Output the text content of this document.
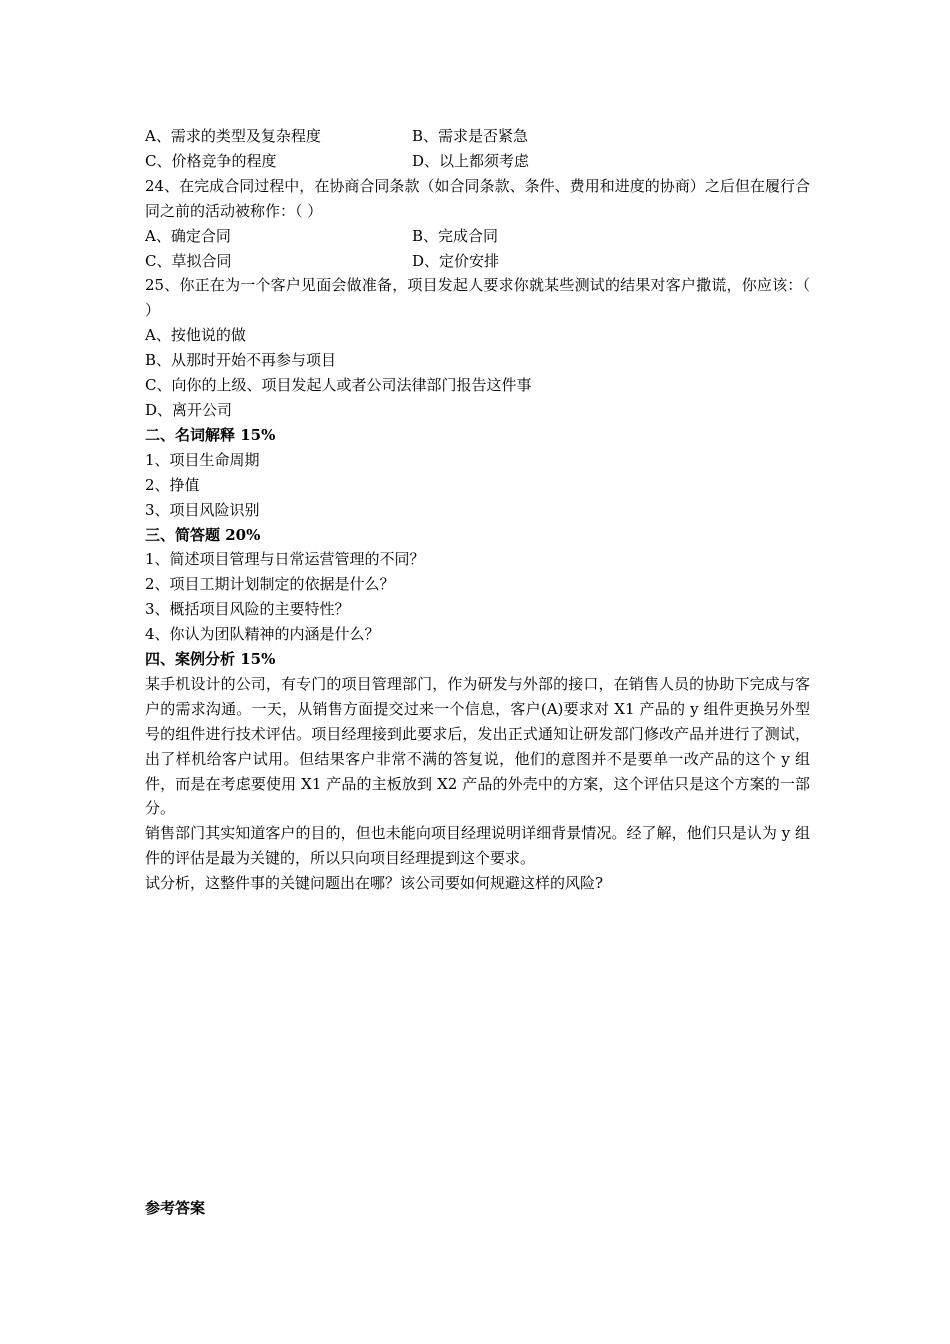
A、需求的类型及复杂程度	B、需求是否紧急
C、价格竞争的程度	D、以上都须考虑
24、在完成合同过程中，在协商合同条款（如合同条款、条件、费用和进度的协商）之后但在履行合同之前的活动被称作：（ ）
A、确定合同	B、完成合同
C、草拟合同	D、定价安排
25、你正在为一个客户见面会做准备，项目发起人要求你就某些测试的结果对客户撒谎，你应该：（ ）
A、按他说的做
B、从那时开始不再参与项目
C、向你的上级、项目发起人或者公司法律部门报告这件事
D、离开公司
二、名词解释 15%
1、项目生命周期
2、挣值
3、项目风险识别
三、简答题 20%
1、简述项目管理与日常运营管理的不同？
2、项目工期计划制定的依据是什么？
3、概括项目风险的主要特性？
4、你认为团队精神的内涵是什么？
四、案例分析 15%
某手机设计的公司，有专门的项目管理部门，作为研发与外部的接口，在销售人员的协助下完成与客户的需求沟通。一天，从销售方面提交过来一个信息，客户(A)要求对 X1 产品的 y 组件更换另外型号的组件进行技术评估。项目经理接到此要求后，发出正式通知让研发部门修改产品并进行了测试，出了样机给客户试用。但结果客户非常不满的答复说，他们的意图并不是要单一改产品的这个 y 组件，而是在考虑要使用 X1 产品的主板放到 X2 产品的外壳中的方案，这个评估只是这个方案的一部分。
销售部门其实知道客户的目的，但也未能向项目经理说明详细背景情况。经了解，他们只是认为 y 组件的评估是最为关键的，所以只向项目经理提到这个要求。
试分析，这整件事的关键问题出在哪？该公司要如何规避这样的风险?
参考答案
